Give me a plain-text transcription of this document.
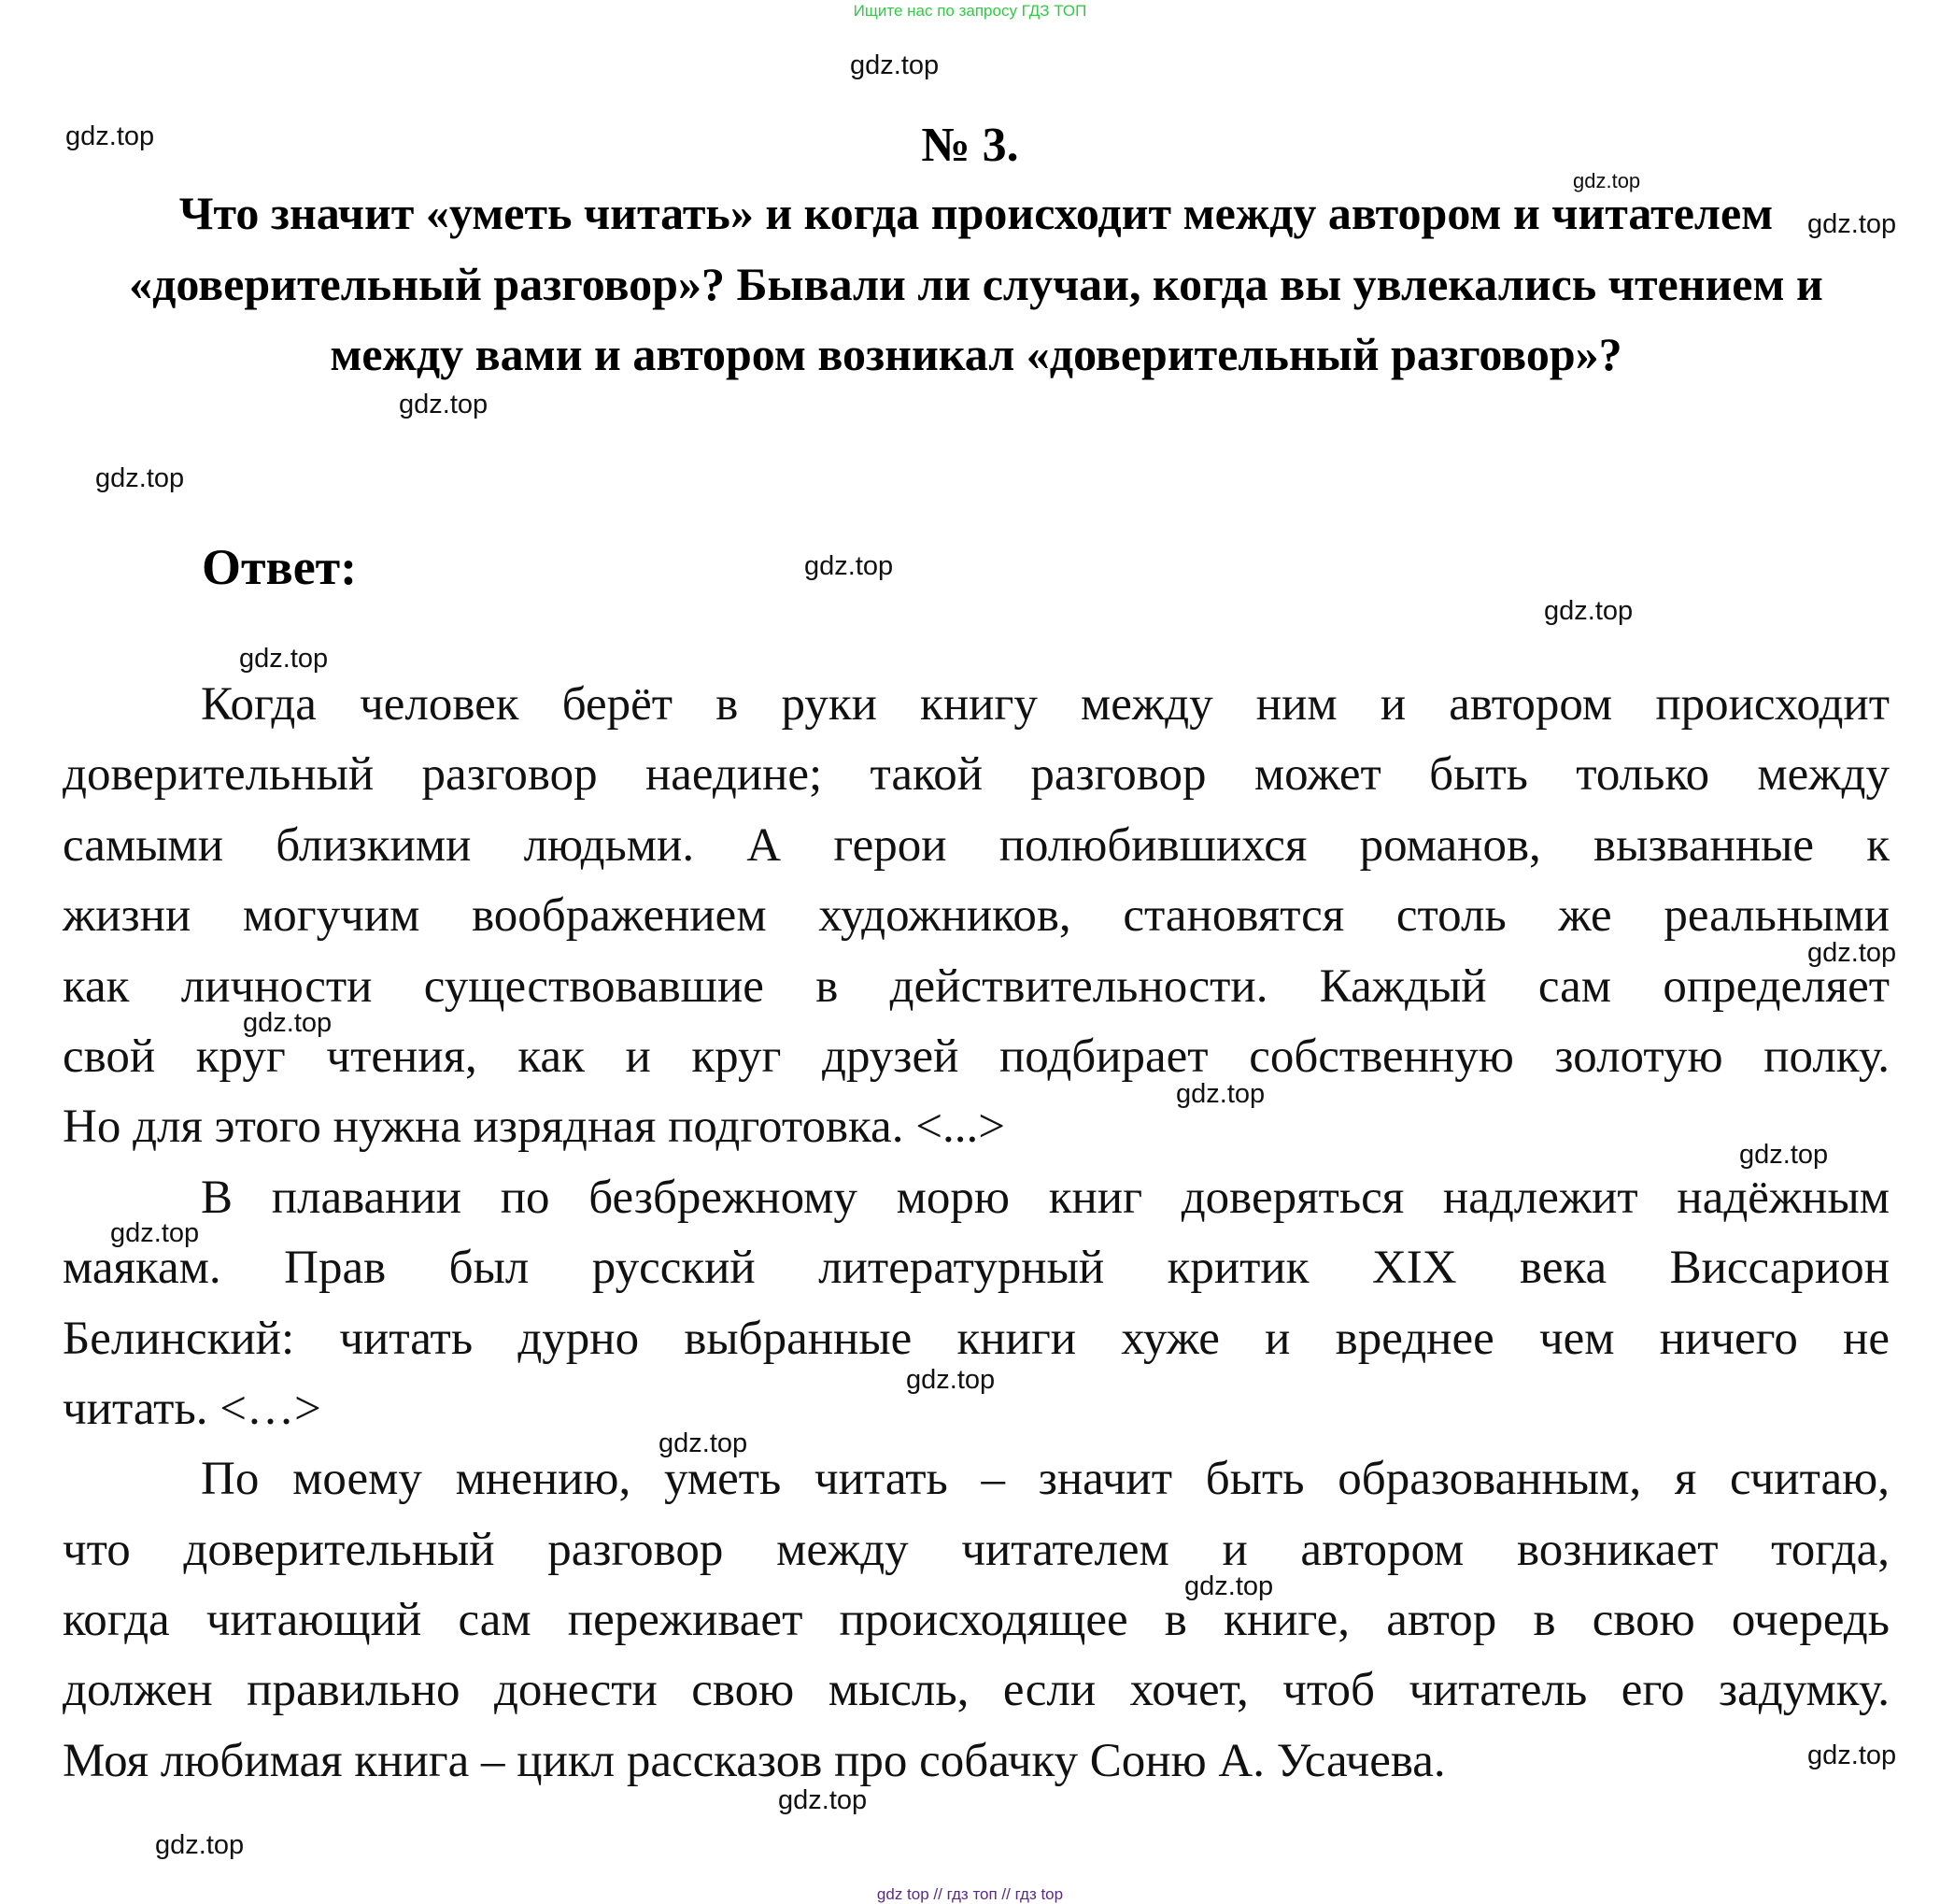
Ищите нас по запросу ГДЗ ТОП
№ 3.
Что значит «уметь читать» и когда происходит между автором и читателем «доверительный разговор»? Бывали ли случаи, когда вы увлекались чтением и между вами и автором возникал «доверительный разговор»?
Ответ:
Когда человек берёт в руки книгу между ним и автором происходит
доверительный разговор наедине; такой разговор может быть только между
самыми близкими людьми. А герои полюбившихся романов, вызванные к
жизни могучим воображением художников, становятся столь же реальными
как личности существовавшие в действительности. Каждый сам определяет
свой круг чтения, как и круг друзей подбирает собственную золотую полку.
Но для этого нужна изрядная подготовка. <...>
В плавании по безбрежному морю книг доверяться надлежит надёжным
маякам. Прав был русский литературный критик XIX века Виссарион
Белинский: читать дурно выбранные книги хуже и вреднее чем ничего не
читать. <…>
По моему мнению, уметь читать – значит быть образованным, я считаю,
что доверительный разговор между читателем и автором возникает тогда,
когда читающий сам переживает происходящее в книге, автор в свою очередь
должен правильно донести свою мысль, если хочет, чтоб читатель его задумку.
Моя любимая книга – цикл рассказов про собачку Соню А. Усачева.
gdz.top
gdz.top
gdz.top
gdz.top
gdz.top
gdz.top
gdz.top
gdz.top
gdz.top
gdz.top
gdz.top
gdz.top
gdz.top
gdz.top
gdz.top
gdz.top
gdz.top
gdz.top
gdz.top
gdz.top
gdz top // гдз топ // гдз top
